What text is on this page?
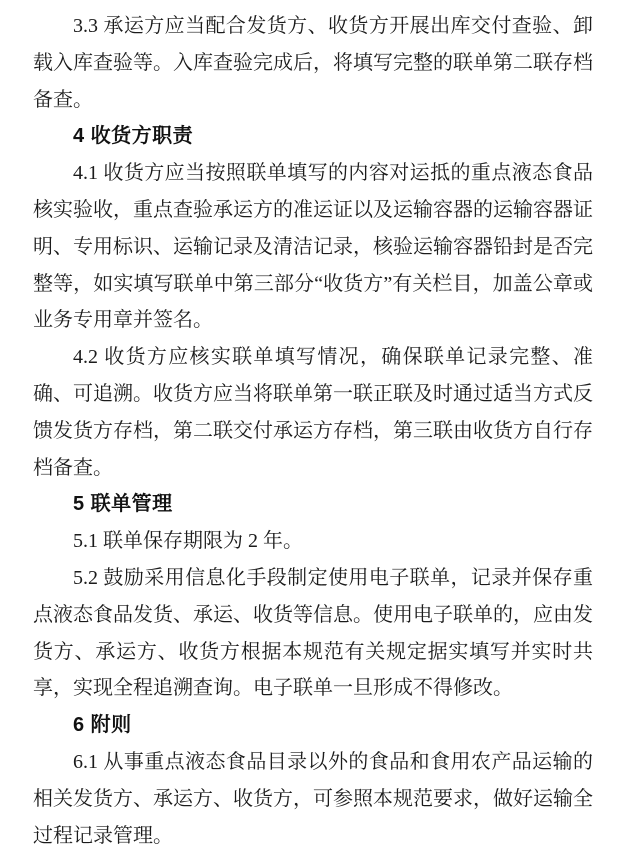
3.3 承运方应当配合发货方、收货方开展出库交付查验、卸载入库查验等。入库查验完成后，将填写完整的联单第二联存档备查。

4 收货方职责

4.1 收货方应当按照联单填写的内容对运抵的重点液态食品核实验收，重点查验承运方的准运证以及运输容器的运输容器证明、专用标识、运输记录及清洁记录，核验运输容器铅封是否完整等，如实填写联单中第三部分“收货方”有关栏目，加盖公章或业务专用章并签名。

4.2 收货方应核实联单填写情况，确保联单记录完整、准确、可追溯。收货方应当将联单第一联正联及时通过适当方式反馈发货方存档，第二联交付承运方存档，第三联由收货方自行存档备查。

5 联单管理

5.1 联单保存期限为 2 年。

5.2 鼓励采用信息化手段制定使用电子联单，记录并保存重点液态食品发货、承运、收货等信息。使用电子联单的，应由发货方、承运方、收货方根据本规范有关规定据实填写并实时共享，实现全程追溯查询。电子联单一旦形成不得修改。

6 附则

6.1 从事重点液态食品目录以外的食品和食用农产品运输的相关发货方、承运方、收货方，可参照本规范要求，做好运输全过程记录管理。
